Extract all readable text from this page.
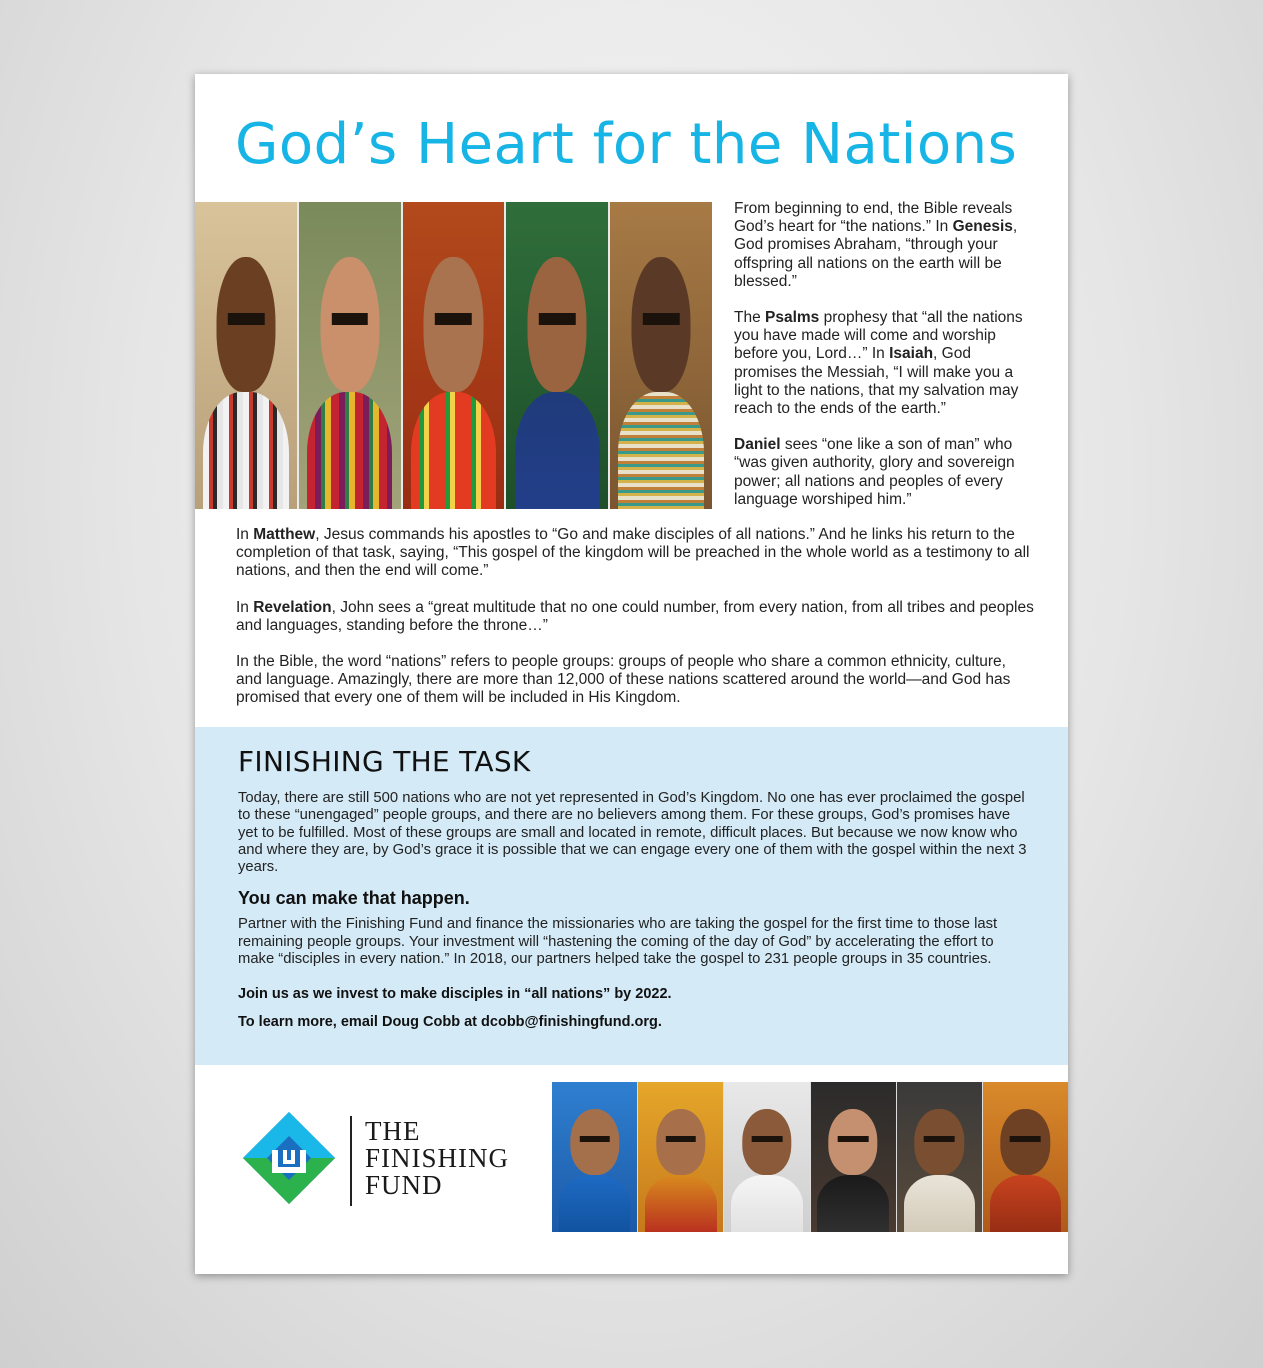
God’s Heart for the Nations

From beginning to end, the Bible reveals God’s heart for “the nations.” In Genesis, God promises Abraham, “through your offspring all nations on the earth will be blessed.”

The Psalms prophesy that “all the nations you have made will come and worship before you, Lord…” In Isaiah, God promises the Messiah, “I will make you a light to the nations, that my salvation may reach to the ends of the earth.”

Daniel sees “one like a son of man” who “was given authority, glory and sovereign power; all nations and peoples of every language worshiped him.”

In Matthew, Jesus commands his apostles to “Go and make disciples of all nations.” And he links his return to the completion of that task, saying, “This gospel of the kingdom will be preached in the whole world as a testimony to all nations, and then the end will come.”

In Revelation, John sees a “great multitude that no one could number, from every nation, from all tribes and peoples and languages, standing before the throne…”

In the Bible, the word “nations” refers to people groups: groups of people who share a common ethnicity, culture, and language. Amazingly, there are more than 12,000 of these nations scattered around the world—and God has promised that every one of them will be included in His Kingdom.

FINISHING THE TASK

Today, there are still 500 nations who are not yet represented in God’s Kingdom. No one has ever proclaimed the gospel to these “unengaged” people groups, and there are no believers among them. For these groups, God’s promises have yet to be fulfilled. Most of these groups are small and located in remote, difficult places. But because we now know who and where they are, by God’s grace it is possible that we can engage every one of them with the gospel within the next 3 years.

You can make that happen.

Partner with the Finishing Fund and finance the missionaries who are taking the gospel for the first time to those last remaining people groups. Your investment will “hastening the coming of the day of God” by accelerating the effort to make “disciples in every nation.” In 2018, our partners helped take the gospel to 231 people groups in 35 countries.

Join us as we invest to make disciples in “all nations” by 2022.

To learn more, email Doug Cobb at dcobb@finishingfund.org.

THE
FINISHING
FUND
